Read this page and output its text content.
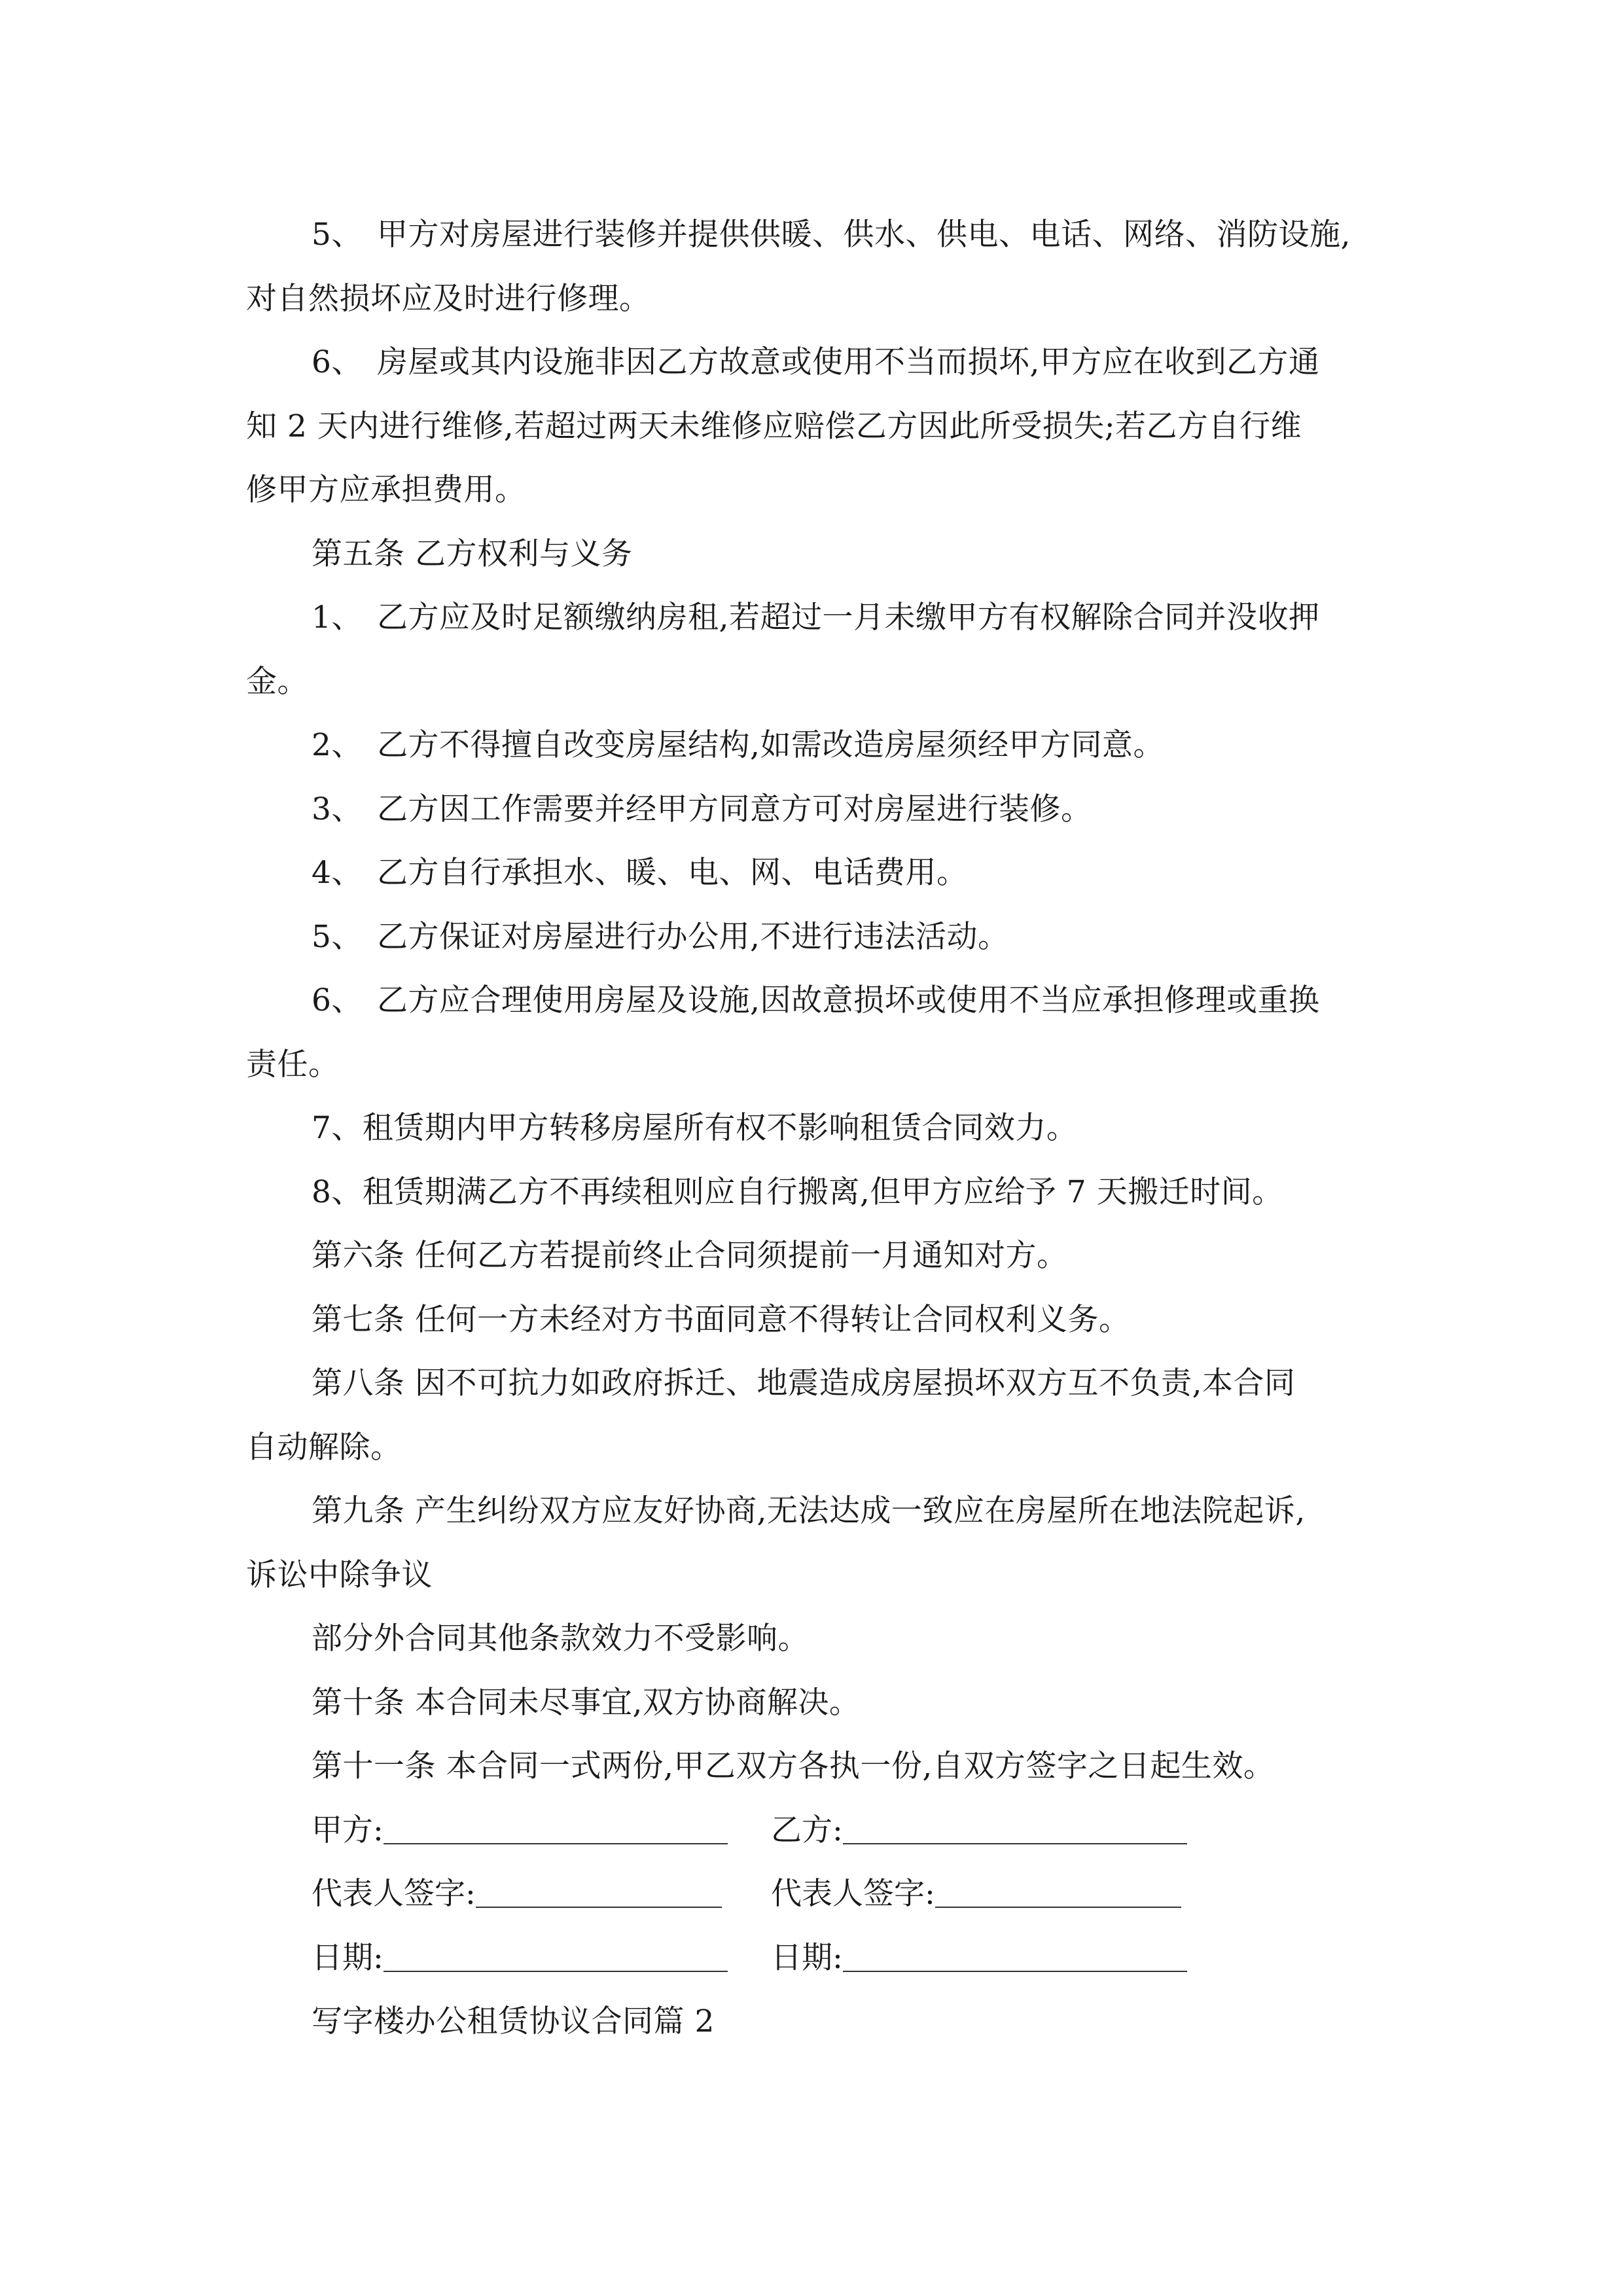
5、 甲方对房屋进行装修并提供供暖、供水、供电、电话、网络、消防设施,
对自然损坏应及时进行修理。
6、 房屋或其内设施非因乙方故意或使用不当而损坏,甲方应在收到乙方通
知 2 天内进行维修,若超过两天未维修应赔偿乙方因此所受损失;若乙方自行维
修甲方应承担费用。
第五条 乙方权利与义务
1、 乙方应及时足额缴纳房租,若超过一月未缴甲方有权解除合同并没收押
金。
2、 乙方不得擅自改变房屋结构,如需改造房屋须经甲方同意。
3、 乙方因工作需要并经甲方同意方可对房屋进行装修。
4、 乙方自行承担水、暖、电、网、电话费用。
5、 乙方保证对房屋进行办公用,不进行违法活动。
6、 乙方应合理使用房屋及设施,因故意损坏或使用不当应承担修理或重换
责任。
7、租赁期内甲方转移房屋所有权不影响租赁合同效力。
8、租赁期满乙方不再续租则应自行搬离,但甲方应给予 7 天搬迁时间。
第六条 任何乙方若提前终止合同须提前一月通知对方。
第七条 任何一方未经对方书面同意不得转让合同权利义务。
第八条 因不可抗力如政府拆迁、地震造成房屋损坏双方互不负责,本合同
自动解除。
第九条 产生纠纷双方应友好协商,无法达成一致应在房屋所在地法院起诉,
诉讼中除争议
部分外合同其他条款效力不受影响。
第十条 本合同未尽事宜,双方协商解决。
第十一条 本合同一式两份,甲乙双方各执一份,自双方签字之日起生效。
甲方:	乙方:
代表人签字:	代表人签字:
日期:	日期:
写字楼办公租赁协议合同篇 2
